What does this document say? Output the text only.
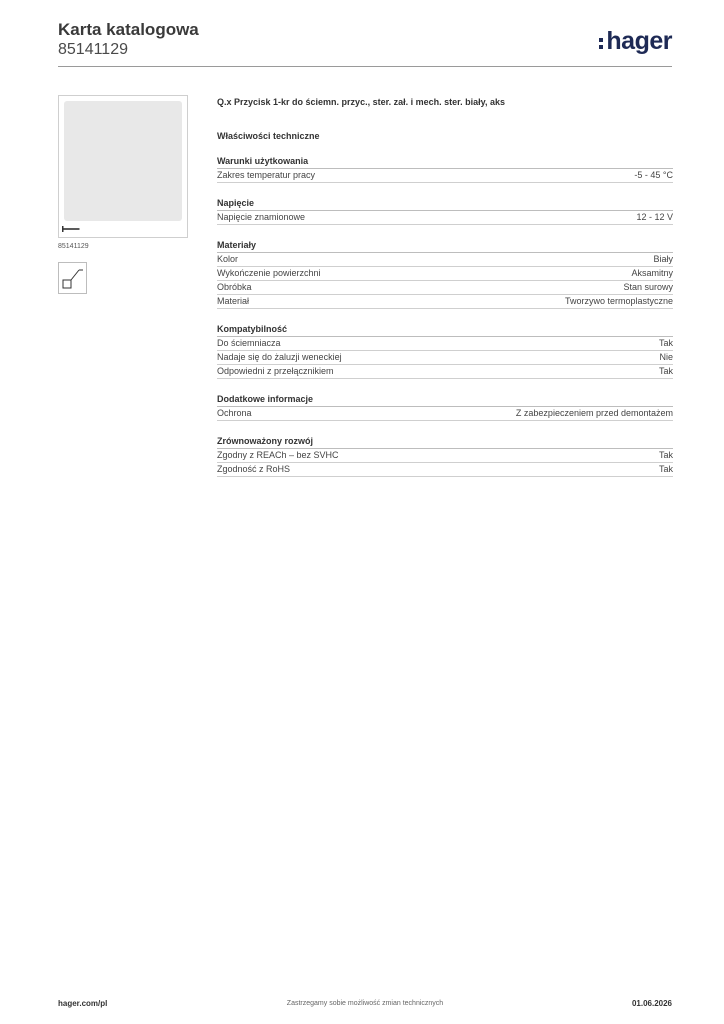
Karta katalogowa
85141129	hager
85141129
Q.x Przycisk 1-kr do ściemn. przyc., ster. zał. i mech. ster. biały, aks
Właściwości techniczne
Warunki użytkowania
Zakres temperatur pracy	-5 - 45 °C
Napięcie
Napięcie znamionowe	12 - 12 V
Materiały
Kolor	Biały
Wykończenie powierzchni	Aksamitny
Obróbka	Stan surowy
Materiał	Tworzywo termoplastyczne
Kompatybilność
Do ściemniacza	Tak
Nadaje się do żaluzji weneckiej	Nie
Odpowiedni z przełącznikiem	Tak
Dodatkowe informacje
Ochrona	Z zabezpieczeniem przed demontażem
Zrównoważony rozwój
Zgodny z REACh – bez SVHC	Tak
Zgodność z RoHS	Tak
hager.com/pl	Zastrzegamy sobie możliwość zmian technicznych	01.06.2026
